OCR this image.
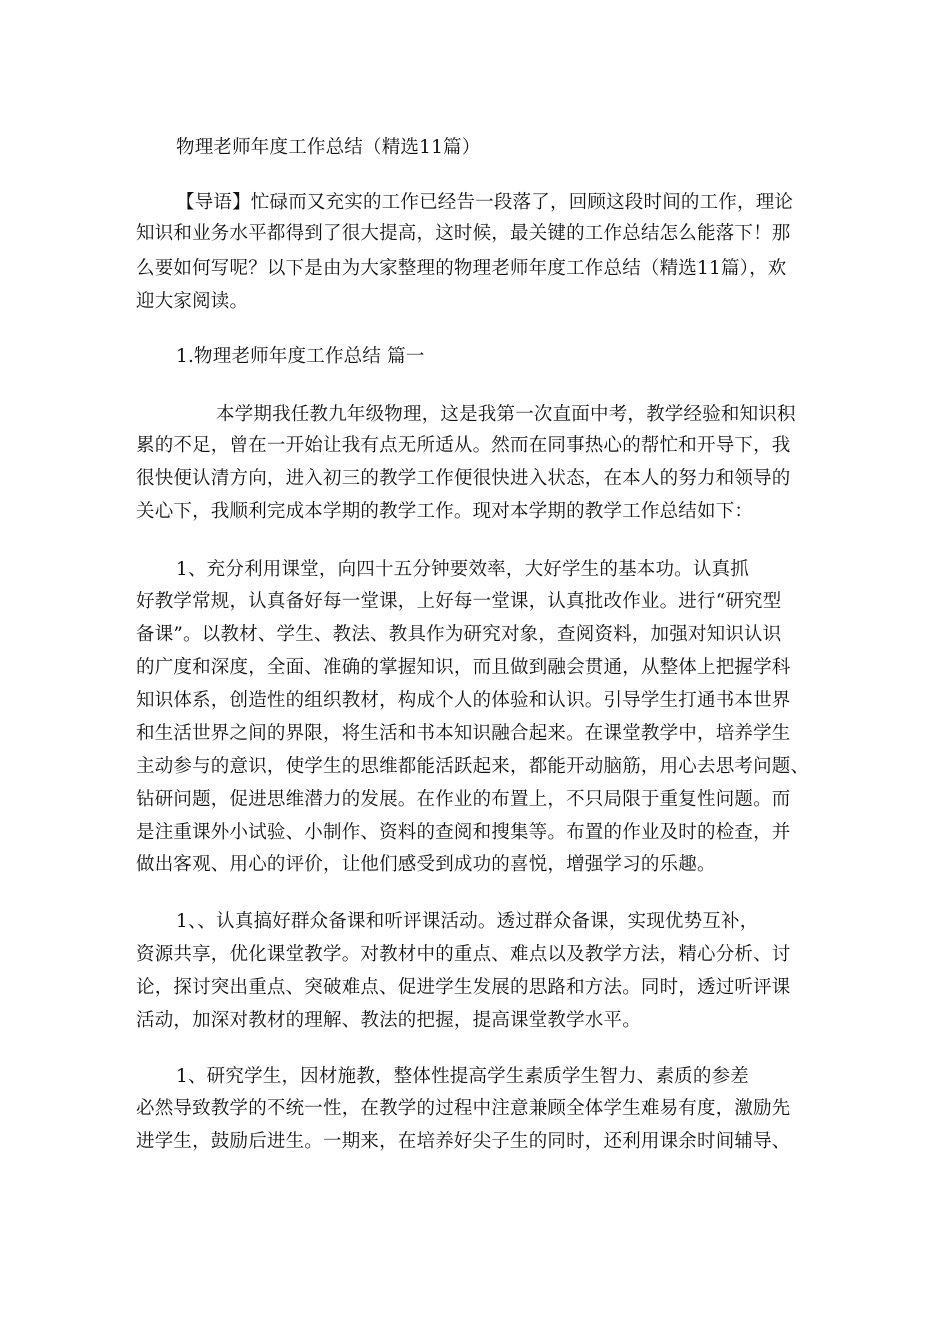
物理老师年度工作总结（精选11篇）
【导语】忙碌而又充实的工作已经告一段落了，回顾这段时间的工作，理论
知识和业务水平都得到了很大提高，这时候，最关键的工作总结怎么能落下！那
么要如何写呢？以下是由为大家整理的物理老师年度工作总结（精选11篇），欢
迎大家阅读。
1.物理老师年度工作总结 篇一
本学期我任教九年级物理，这是我第一次直面中考，教学经验和知识积
累的不足，曾在一开始让我有点无所适从。然而在同事热心的帮忙和开导下，我
很快便认清方向，进入初三的教学工作便很快进入状态，在本人的努力和领导的
关心下，我顺利完成本学期的教学工作。现对本学期的教学工作总结如下：
1、充分利用课堂，向四十五分钟要效率，大好学生的基本功。认真抓
好教学常规，认真备好每一堂课，上好每一堂课，认真批改作业。进行“研究型
备课”。以教材、学生、教法、教具作为研究对象，查阅资料，加强对知识认识
的广度和深度，全面、准确的掌握知识，而且做到融会贯通，从整体上把握学科
知识体系，创造性的组织教材，构成个人的体验和认识。引导学生打通书本世界
和生活世界之间的界限，将生活和书本知识融合起来。在课堂教学中，培养学生
主动参与的意识，使学生的思维都能活跃起来，都能开动脑筋，用心去思考问题、
钻研问题，促进思维潜力的发展。在作业的布置上，不只局限于重复性问题。而
是注重课外小试验、小制作、资料的查阅和搜集等。布置的作业及时的检查，并
做出客观、用心的评价，让他们感受到成功的喜悦，增强学习的乐趣。
1、、认真搞好群众备课和听评课活动。透过群众备课，实现优势互补，
资源共享，优化课堂教学。对教材中的重点、难点以及教学方法，精心分析、讨
论，探讨突出重点、突破难点、促进学生发展的思路和方法。同时，透过听评课
活动，加深对教材的理解、教法的把握，提高课堂教学水平。
1、研究学生，因材施教，整体性提高学生素质学生智力、素质的参差
必然导致教学的不统一性，在教学的过程中注意兼顾全体学生难易有度，激励先
进学生，鼓励后进生。一期来，在培养好尖子生的同时，还利用课余时间辅导、
